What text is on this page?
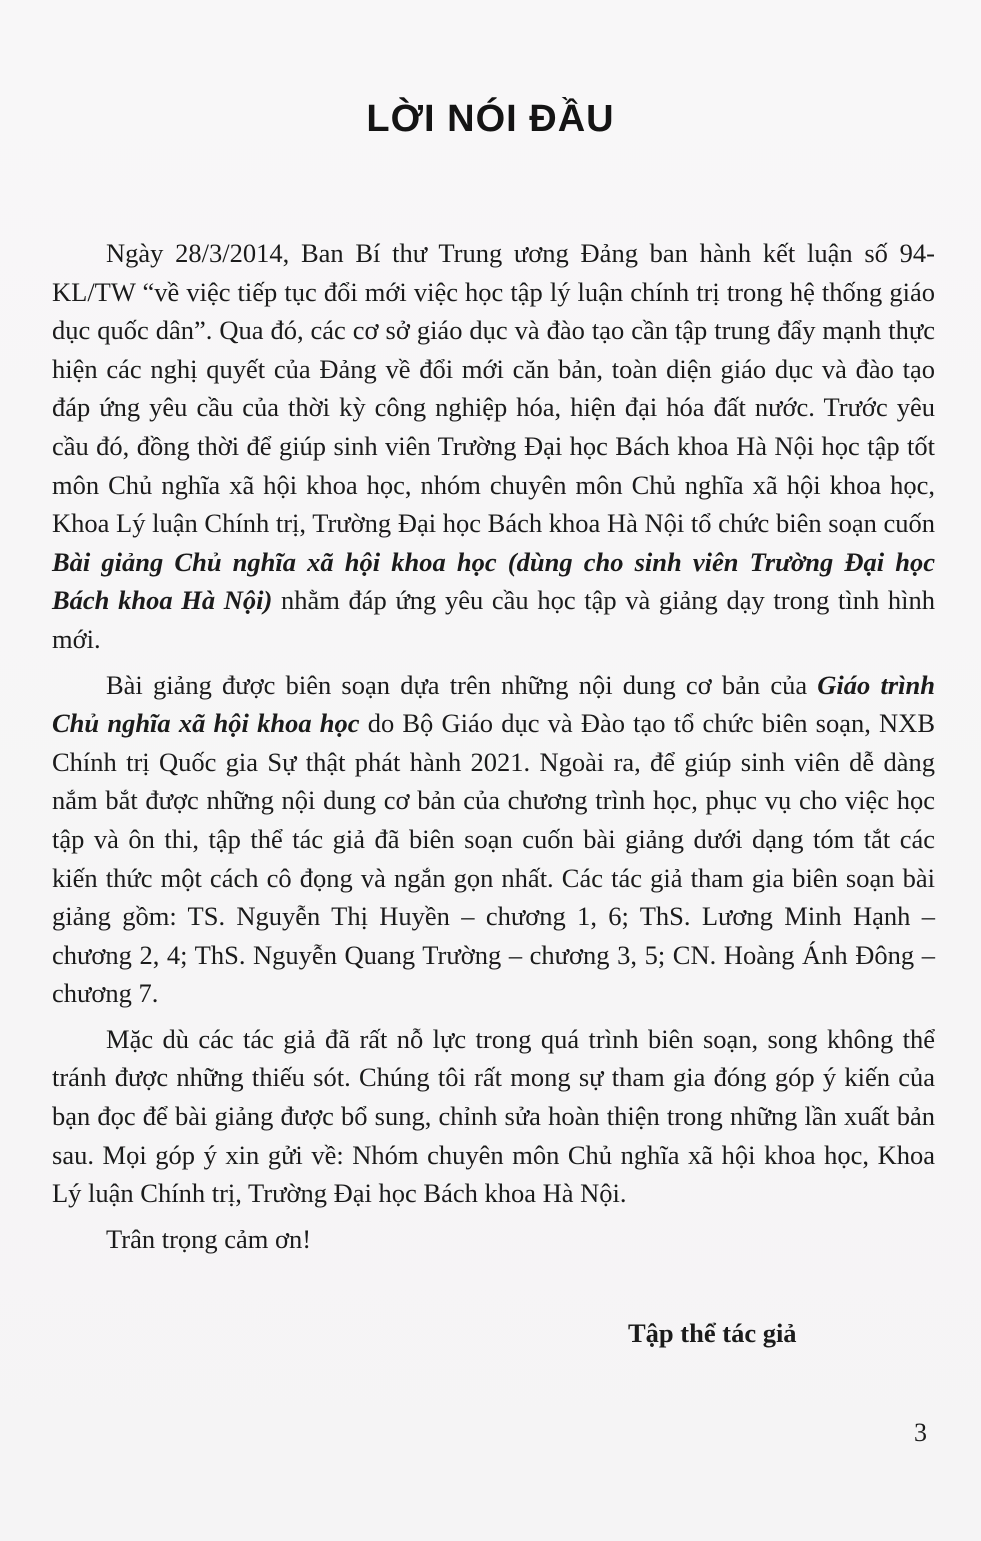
LỜI NÓI ĐẦU

Ngày 28/3/2014, Ban Bí thư Trung ương Đảng ban hành kết luận số 94-KL/TW “về việc tiếp tục đổi mới việc học tập lý luận chính trị trong hệ thống giáo dục quốc dân”. Qua đó, các cơ sở giáo dục và đào tạo cần tập trung đẩy mạnh thực hiện các nghị quyết của Đảng về đổi mới căn bản, toàn diện giáo dục và đào tạo đáp ứng yêu cầu của thời kỳ công nghiệp hóa, hiện đại hóa đất nước. Trước yêu cầu đó, đồng thời để giúp sinh viên Trường Đại học Bách khoa Hà Nội học tập tốt môn Chủ nghĩa xã hội khoa học, nhóm chuyên môn Chủ nghĩa xã hội khoa học, Khoa Lý luận Chính trị, Trường Đại học Bách khoa Hà Nội tổ chức biên soạn cuốn Bài giảng Chủ nghĩa xã hội khoa học (dùng cho sinh viên Trường Đại học Bách khoa Hà Nội) nhằm đáp ứng yêu cầu học tập và giảng dạy trong tình hình mới.

Bài giảng được biên soạn dựa trên những nội dung cơ bản của Giáo trình Chủ nghĩa xã hội khoa học do Bộ Giáo dục và Đào tạo tổ chức biên soạn, NXB Chính trị Quốc gia Sự thật phát hành 2021. Ngoài ra, để giúp sinh viên dễ dàng nắm bắt được những nội dung cơ bản của chương trình học, phục vụ cho việc học tập và ôn thi, tập thể tác giả đã biên soạn cuốn bài giảng dưới dạng tóm tắt các kiến thức một cách cô đọng và ngắn gọn nhất. Các tác giả tham gia biên soạn bài giảng gồm: TS. Nguyễn Thị Huyền – chương 1, 6; ThS. Lương Minh Hạnh – chương 2, 4; ThS. Nguyễn Quang Trường – chương 3, 5; CN. Hoàng Ánh Đông – chương 7.

Mặc dù các tác giả đã rất nỗ lực trong quá trình biên soạn, song không thể tránh được những thiếu sót. Chúng tôi rất mong sự tham gia đóng góp ý kiến của bạn đọc để bài giảng được bổ sung, chỉnh sửa hoàn thiện trong những lần xuất bản sau. Mọi góp ý xin gửi về: Nhóm chuyên môn Chủ nghĩa xã hội khoa học, Khoa Lý luận Chính trị, Trường Đại học Bách khoa Hà Nội.

Trân trọng cảm ơn!

Tập thể tác giả
3
